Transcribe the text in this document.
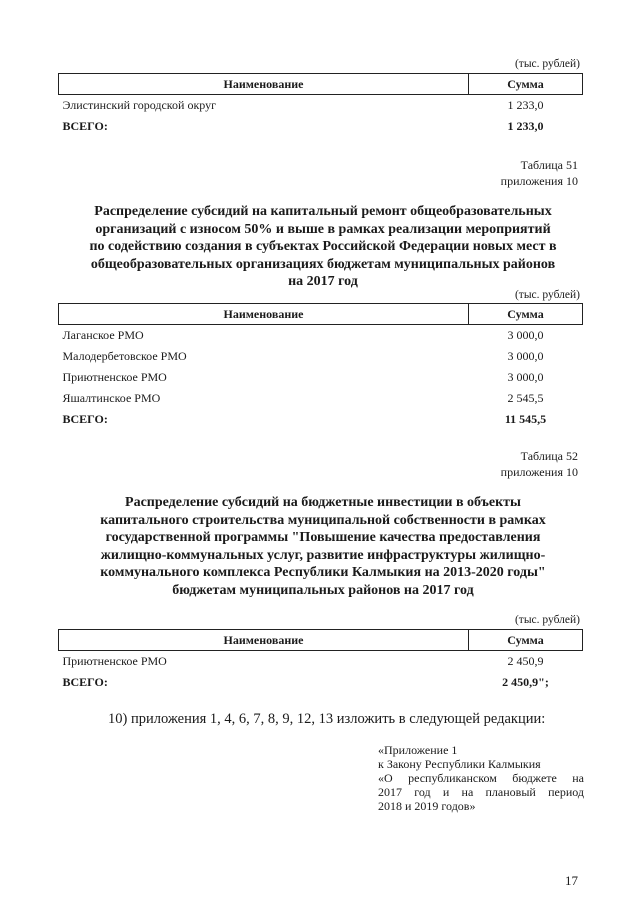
(тыс. рублей)
Наименование	Сумма
Элистинский городской округ	1 233,0
ВСЕГО:	1 233,0
Таблица 51
приложения 10
Распределение субсидий на капитальный ремонт общеобразовательных
организаций с износом 50% и выше в рамках реализации мероприятий
по содействию создания в субъектах Российской Федерации новых мест в
общеобразовательных организациях бюджетам муниципальных районов
на 2017 год
(тыс. рублей)
Наименование	Сумма
Лаганское РМО	3 000,0
Малодербетовское РМО	3 000,0
Приютненское РМО	3 000,0
Яшалтинское РМО	2 545,5
ВСЕГО:	11 545,5
Таблица 52
приложения 10
Распределение субсидий на бюджетные инвестиции в объекты
капитального строительства муниципальной собственности в рамках
государственной программы "Повышение качества предоставления
жилищно-коммунальных услуг, развитие инфраструктуры жилищно-
коммунального комплекса Республики Калмыкия на 2013-2020 годы"
бюджетам муниципальных районов на 2017 год
(тыс. рублей)
Наименование	Сумма
Приютненское РМО	2 450,9
ВСЕГО:	2 450,9";
10) приложения 1, 4, 6, 7, 8, 9, 12, 13 изложить в следующей редакции:
«Приложение 1
к Закону Республики Калмыкия
«О республиканском бюджете на
2017 год и на плановый период
2018 и 2019 годов»
17
